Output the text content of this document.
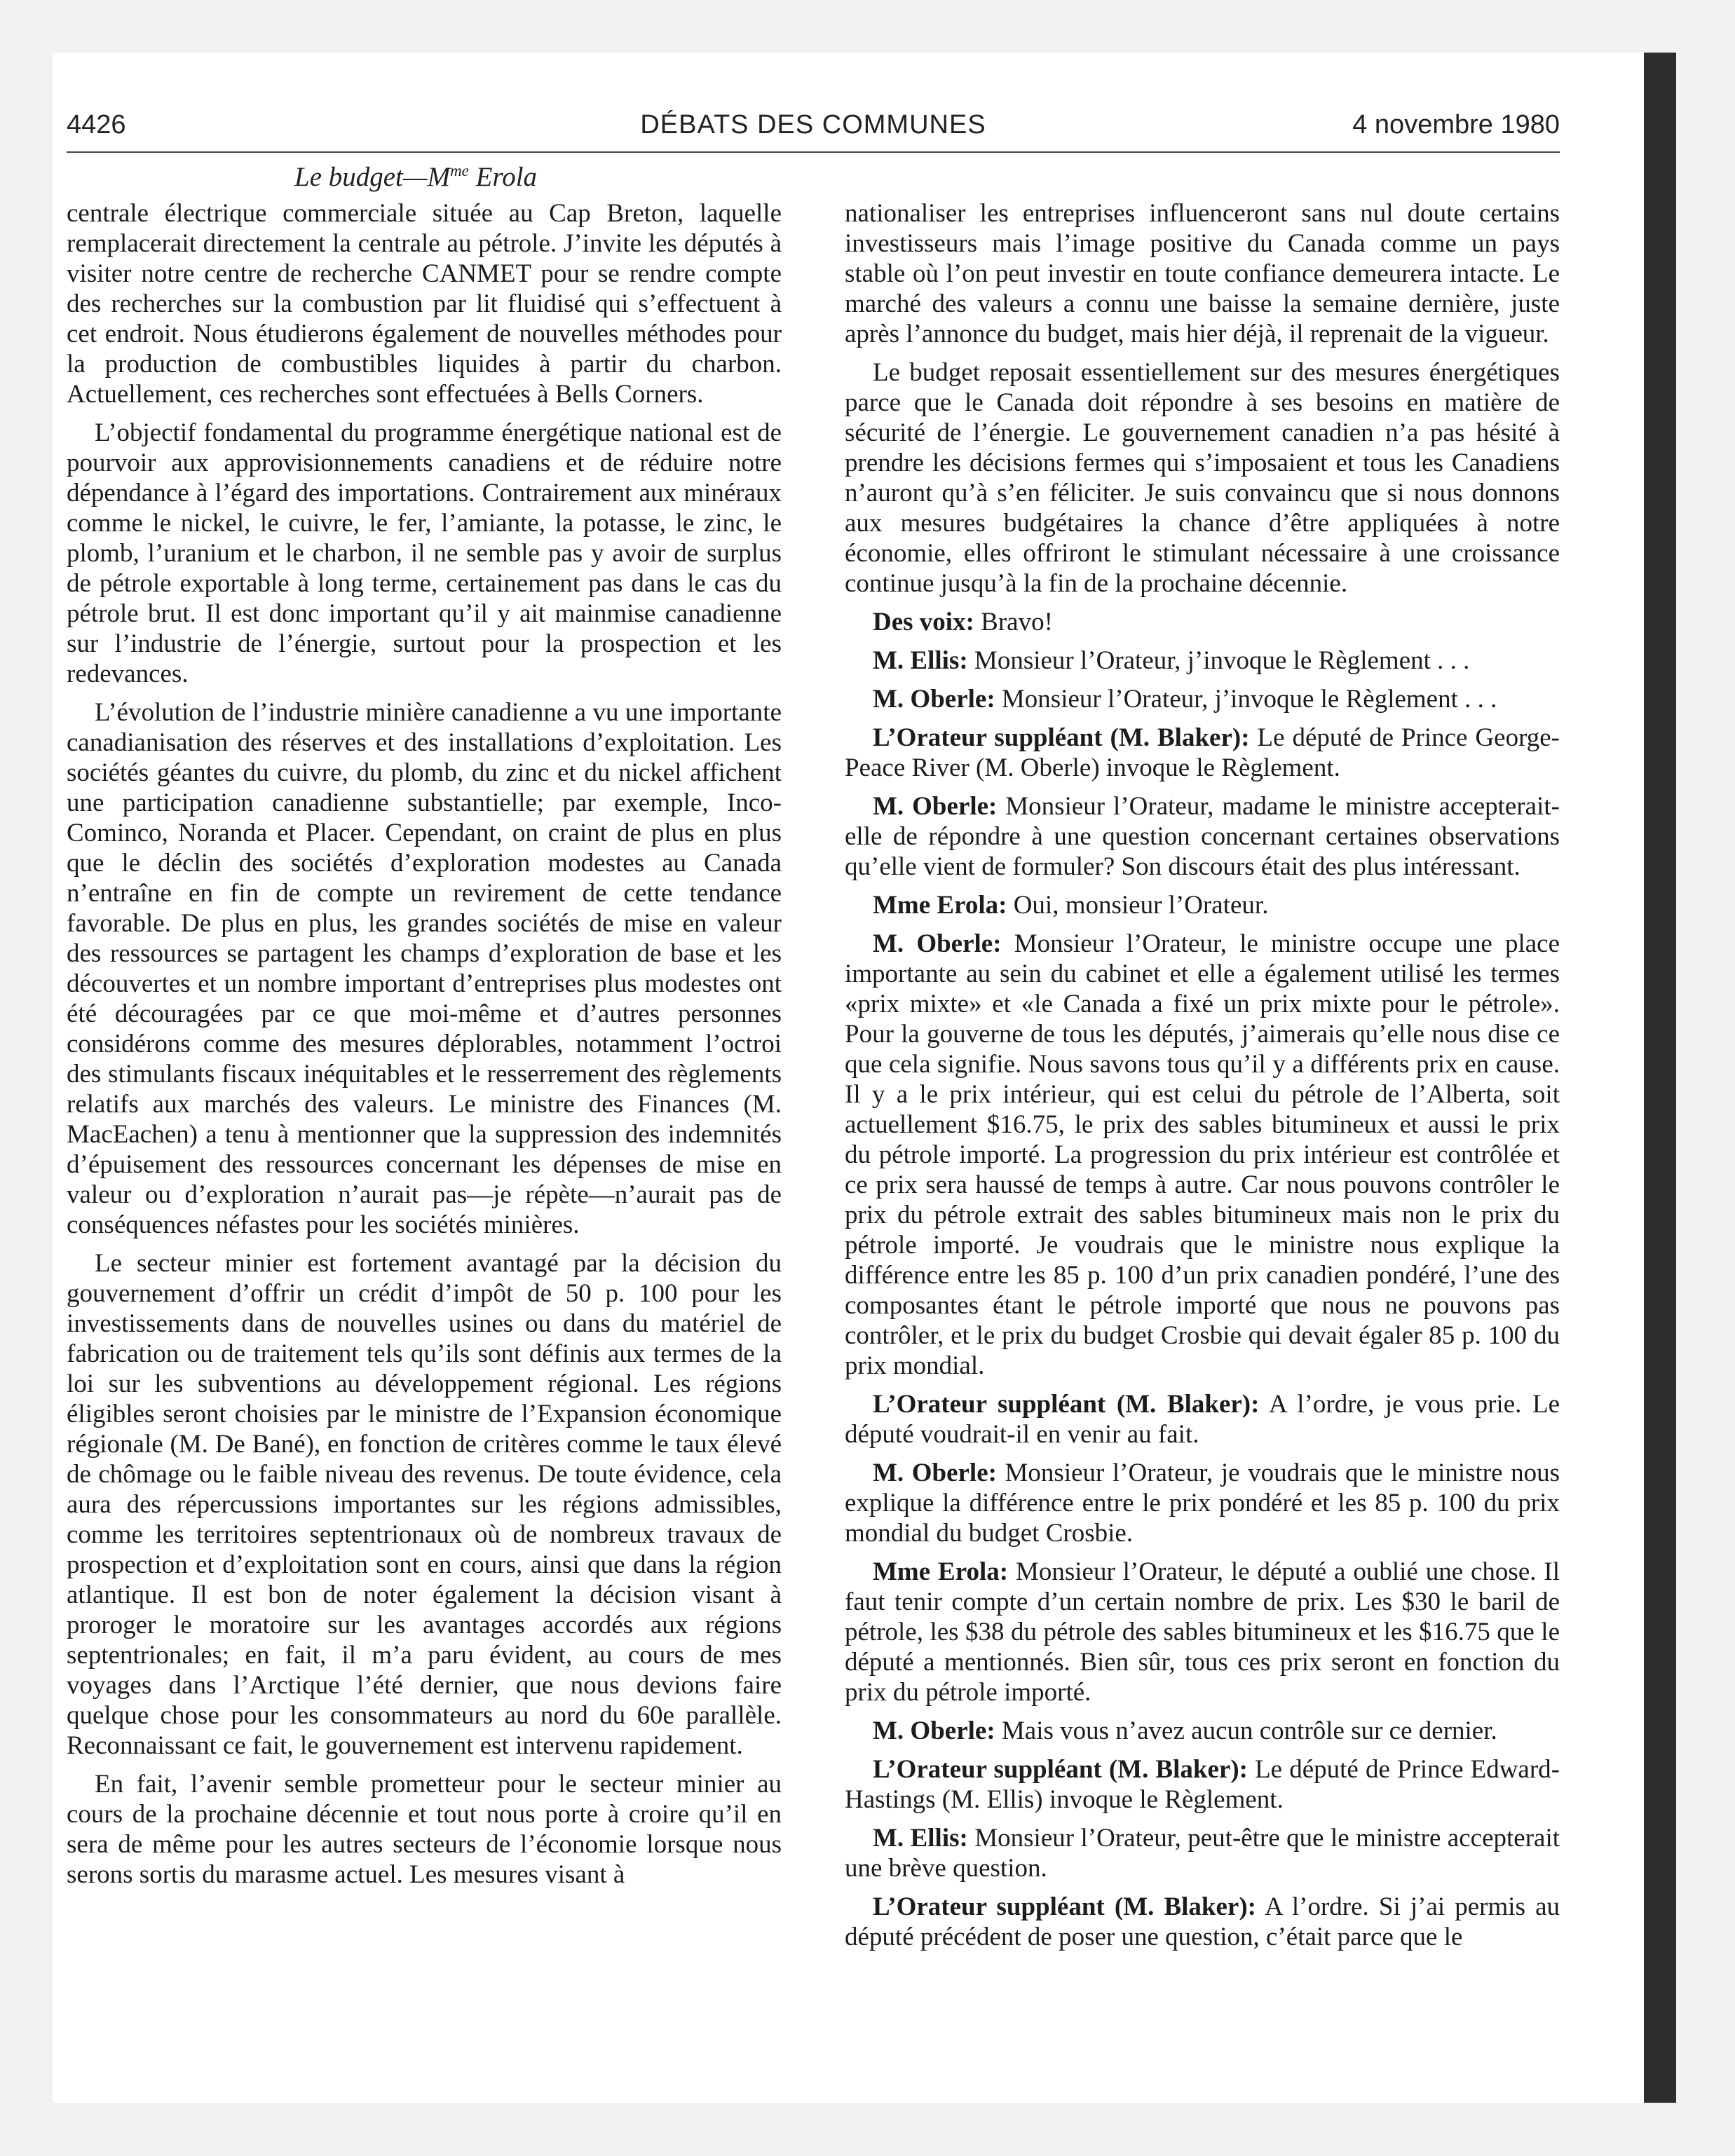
4426	DÉBATS DES COMMUNES	4 novembre 1980
Le $budget—M^{me}$ Erola

centrale électrique commerciale située au Cap Breton, laquelle remplacerait directement la centrale au pétrole. J’invite les députés à visiter notre centre de recherche CANMET pour se rendre compte des recherches sur la combustion par lit fluidisé qui s’effectuent à cet endroit. Nous étudierons également de nouvelles méthodes pour la production de combustibles liquides à partir du charbon. Actuellement, ces recherches sont effectuées à Bells Corners.

L’objectif fondamental du programme énergétique national est de pourvoir aux approvisionnements canadiens et de réduire notre dépendance à l’égard des importations. Contrairement aux minéraux comme le nickel, le cuivre, le fer, l’amiante, la potasse, le zinc, le plomb, l’uranium et le charbon, il ne semble pas y avoir de surplus de pétrole exportable à long terme, certainement pas dans le cas du pétrole brut. Il est donc important qu’il y ait mainmise canadienne sur l’industrie de l’énergie, surtout pour la prospection et les redevances.

L’évolution de l’industrie minière canadienne a vu une importante canadianisation des réserves et des installations d’exploitation. Les sociétés géantes du cuivre, du plomb, du zinc et du nickel affichent une participation canadienne substantielle; par exemple, Inco-Cominco, Noranda et Placer. Cependant, on craint de plus en plus que le déclin des sociétés d’exploration modestes au Canada n’entraîne en fin de compte un revirement de cette tendance favorable. De plus en plus, les grandes sociétés de mise en valeur des ressources se partagent les champs d’exploration de base et les découvertes et un nombre important d’entreprises plus modestes ont été découragées par ce que moi-même et d’autres personnes considérons comme des mesures déplorables, notamment l’octroi des stimulants fiscaux inéquitables et le resserrement des règlements relatifs aux marchés des valeurs. Le ministre des Finances (M. MacEachen) a tenu à mentionner que la suppression des indemnités d’épuisement des ressources concernant les dépenses de mise en valeur ou d’exploration n’aurait pas—je répète—n’aurait pas de conséquences néfastes pour les sociétés minières.

Le secteur minier est fortement avantagé par la décision du gouvernement d’offrir un crédit d’impôt de 50 p. 100 pour les investissements dans de nouvelles usines ou dans du matériel de fabrication ou de traitement tels qu’ils sont définis aux termes de la loi sur les subventions au développement régional. Les régions éligibles seront choisies par le ministre de l’Expansion économique régionale (M. De Bané), en fonction de critères comme le taux élevé de chômage ou le faible niveau des revenus. De toute évidence, cela aura des répercussions importantes sur les régions admissibles, comme les territoires septentrionaux où de nombreux travaux de prospection et d’exploitation sont en cours, ainsi que dans la région atlantique. Il est bon de noter également la décision visant à proroger le moratoire sur les avantages accordés aux régions septentrionales; en fait, il m’a paru évident, au cours de mes voyages dans l’Arctique l’été dernier, que nous devions faire quelque chose pour les consommateurs au nord du 60e parallèle. Reconnaissant ce fait, le gouvernement est intervenu rapidement.

En fait, l’avenir semble prometteur pour le secteur minier au cours de la prochaine décennie et tout nous porte à croire qu’il en sera de même pour les autres secteurs de l’économie lorsque nous serons sortis du marasme actuel. Les mesures visant à

nationaliser les entreprises influenceront sans nul doute certains investisseurs mais l’image positive du Canada comme un pays stable où l’on peut investir en toute confiance demeurera intacte. Le marché des valeurs a connu une baisse la semaine dernière, juste après l’annonce du budget, mais hier déjà, il reprenait de la vigueur.

Le budget reposait essentiellement sur des mesures énergétiques parce que le Canada doit répondre à ses besoins en matière de sécurité de l’énergie. Le gouvernement canadien n’a pas hésité à prendre les décisions fermes qui s’imposaient et tous les Canadiens n’auront qu’à s’en féliciter. Je suis convaincu que si nous donnons aux mesures budgétaires la chance d’être appliquées à notre économie, elles offriront le stimulant nécessaire à une croissance continue jusqu’à la fin de la prochaine décennie.

Des voix: Bravo!

M. Ellis: Monsieur l’Orateur, j’invoque le Règlement . . .

M. Oberle: Monsieur l’Orateur, j’invoque le Règlement . . .

L’Orateur suppléant (M. Blaker): Le député de Prince George-Peace River (M. Oberle) invoque le Règlement.

M. Oberle: Monsieur l’Orateur, madame le ministre accepterait-elle de répondre à une question concernant certaines observations qu’elle vient de formuler? Son discours était des plus intéressant.

Mme Erola: Oui, monsieur l’Orateur.

M. Oberle: Monsieur l’Orateur, le ministre occupe une place importante au sein du cabinet et elle a également utilisé les termes «prix mixte» et «le Canada a fixé un prix mixte pour le pétrole». Pour la gouverne de tous les députés, j’aimerais qu’elle nous dise ce que cela signifie. Nous savons tous qu’il y a différents prix en cause. Il y a le prix intérieur, qui est celui du pétrole de l’Alberta, soit actuellement $16.75, le prix des sables bitumineux et aussi le prix du pétrole importé. La progression du prix intérieur est contrôlée et ce prix sera haussé de temps à autre. Car nous pouvons contrôler le prix du pétrole extrait des sables bitumineux mais non le prix du pétrole importé. Je voudrais que le ministre nous explique la différence entre les 85 p. 100 d’un prix canadien pondéré, l’une des composantes étant le pétrole importé que nous ne pouvons pas contrôler, et le prix du budget Crosbie qui devait égaler 85 p. 100 du prix mondial.

L’Orateur suppléant (M. Blaker): A l’ordre, je vous prie. Le député voudrait-il en venir au fait.

M. Oberle: Monsieur l’Orateur, je voudrais que le ministre nous explique la différence entre le prix pondéré et les 85 p. 100 du prix mondial du budget Crosbie.

Mme Erola: Monsieur l’Orateur, le député a oublié une chose. Il faut tenir compte d’un certain nombre de prix. Les $30 le baril de pétrole, les $38 du pétrole des sables bitumineux et les $16.75 que le député a mentionnés. Bien sûr, tous ces prix seront en fonction du prix du pétrole importé.

M. Oberle: Mais vous n’avez aucun contrôle sur ce dernier.

L’Orateur suppléant (M. Blaker): Le député de Prince Edward-Hastings (M. Ellis) invoque le Règlement.

M. Ellis: Monsieur l’Orateur, peut-être que le ministre accepterait une brève question.

L’Orateur suppléant (M. Blaker): A l’ordre. Si j’ai permis au député précédent de poser une question, c’était parce que le
